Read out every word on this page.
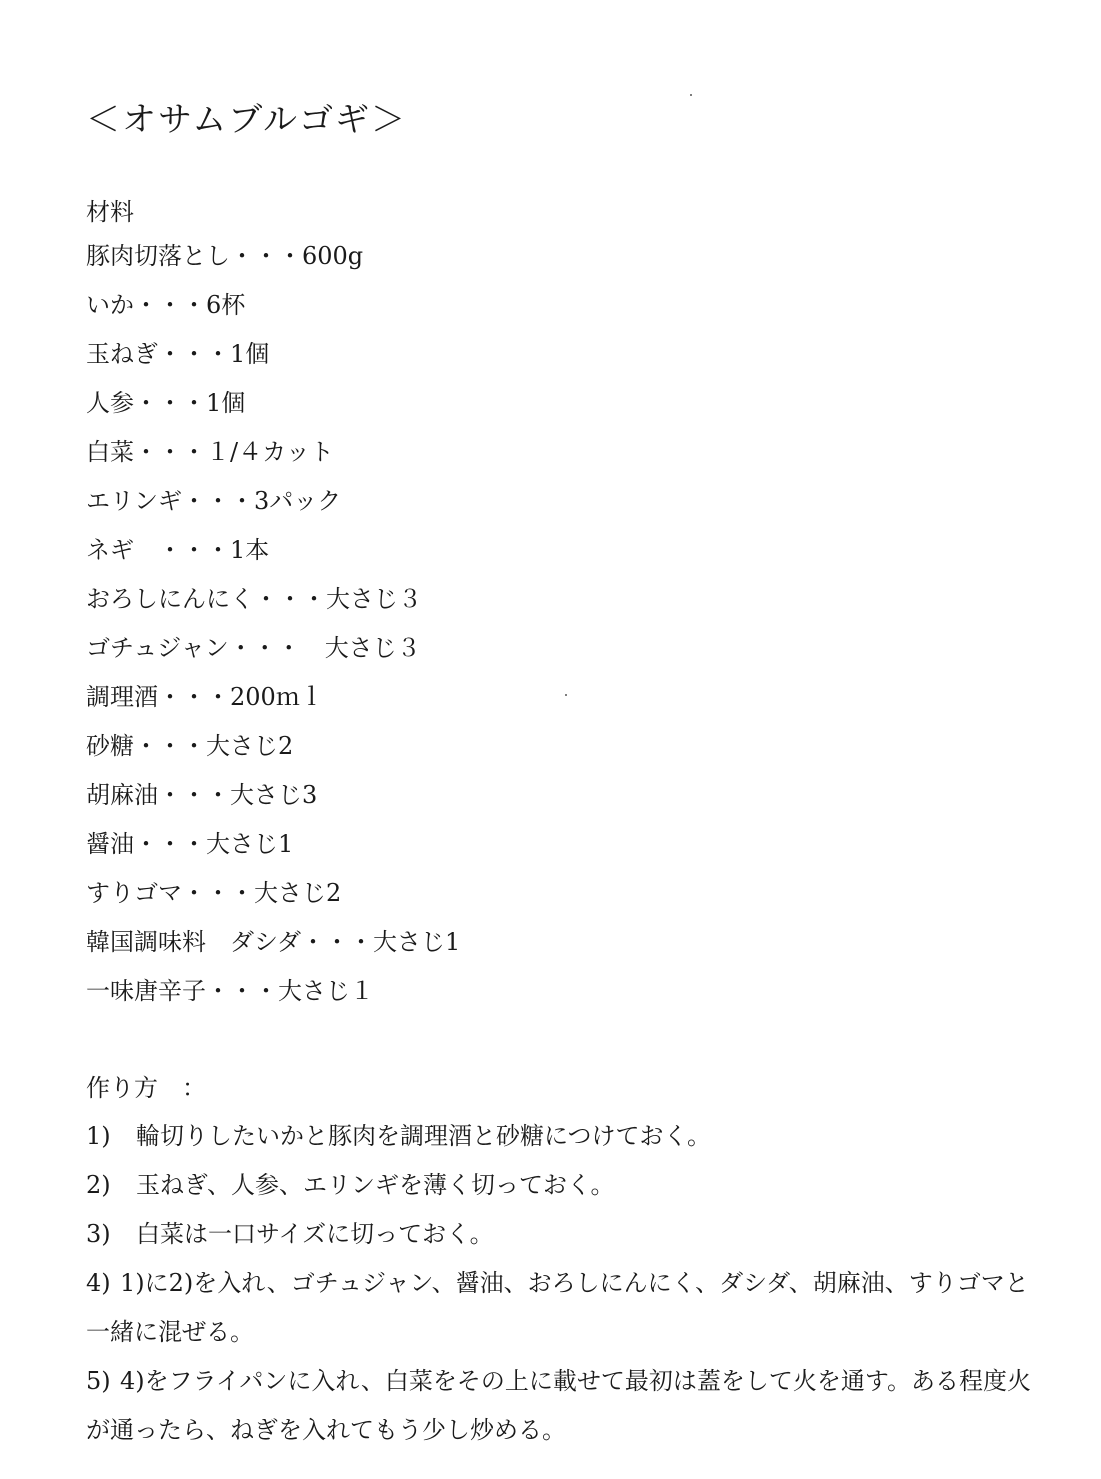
＜オサムブルゴギ＞
材料
豚肉切落とし・・・600g
いか・・・6杯
玉ねぎ・・・1個
人参・・・1個
白菜・・・１/４カット
エリンギ・・・3パック
ネギ　・・・1本
おろしにんにく・・・大さじ３
ゴチュジャン・・・　大さじ３
調理酒・・・200ｍｌ
砂糖・・・大さじ2
胡麻油・・・大さじ3
醤油・・・大さじ1
すりゴマ・・・大さじ2
韓国調味料　ダシダ・・・大さじ1
一味唐辛子・・・大さじ１
作り方　：
1) 輪切りしたいかと豚肉を調理酒と砂糖につけておく。
2) 玉ねぎ、人参、エリンギを薄く切っておく。
3) 白菜は一口サイズに切っておく。
4) 1)に2)を入れ、ゴチュジャン、醤油、おろしにんにく、ダシダ、胡麻油、すりゴマと一緒に混ぜる。
5) 4)をフライパンに入れ、白菜をその上に載せて最初は蓋をして火を通す。ある程度火が通ったら、ねぎを入れてもう少し炒める。
